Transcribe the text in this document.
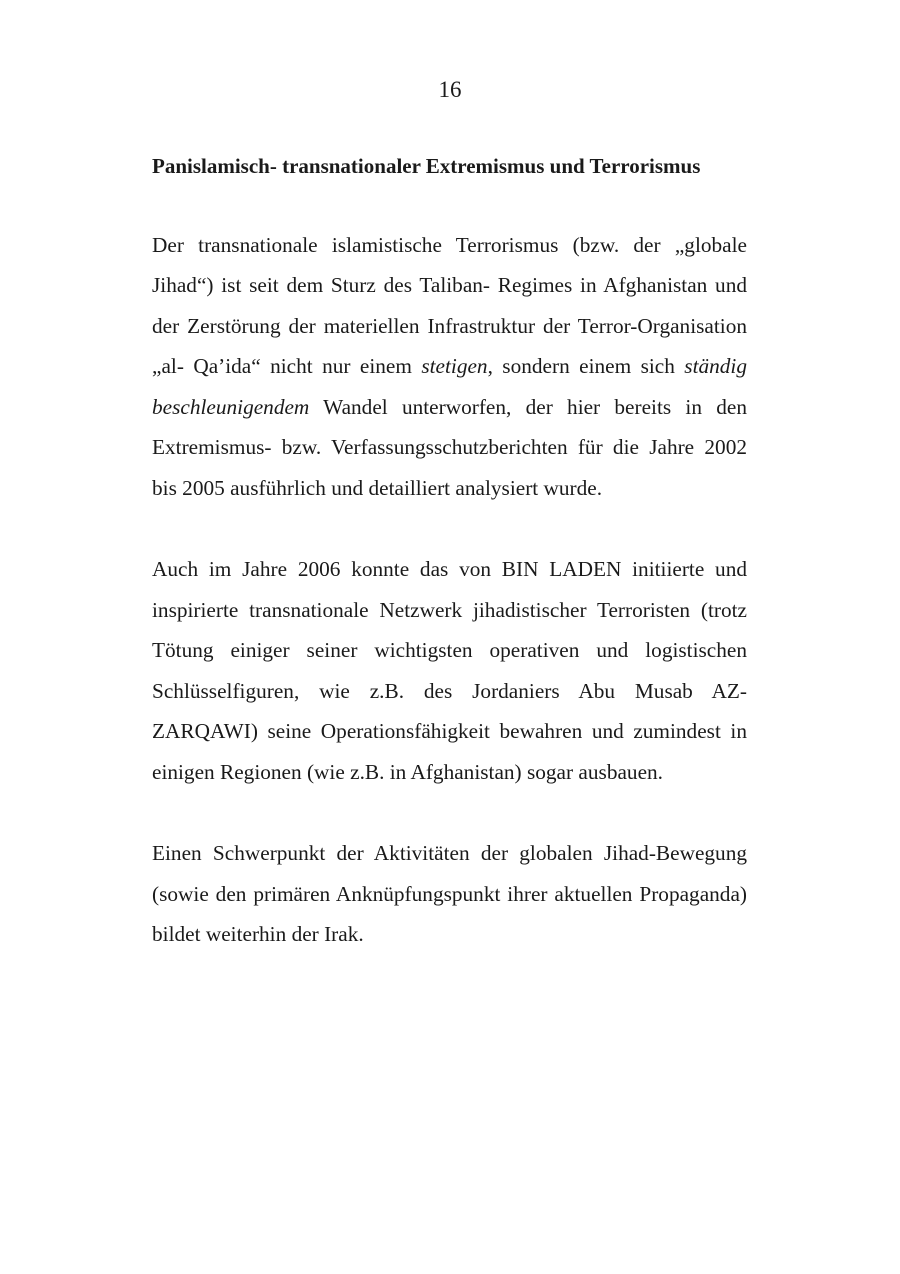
16
Panislamisch- transnationaler Extremismus und Terrorismus

Der transnationale islamistische Terrorismus (bzw. der „globale Jihad“) ist seit dem Sturz des Taliban- Regimes in Afghanistan und der Zerstörung der materiellen Infrastruktur der Terror-Organisation „al- Qa’ida“ nicht nur einem stetigen, sondern einem sich ständig beschleunigendem Wandel unterworfen, der hier bereits in den Extremismus- bzw. Verfassungsschutzberichten für die Jahre 2002 bis 2005 ausführlich und detailliert analysiert wurde.

Auch im Jahre 2006 konnte das von BIN LADEN initiierte und inspirierte transnationale Netzwerk jihadistischer Terroristen (trotz Tötung einiger seiner wichtigsten operativen und logistischen Schlüsselfiguren, wie z.B. des Jordaniers Abu Musab AZ-ZARQAWI) seine Operationsfähigkeit bewahren und zumindest in einigen Regionen (wie z.B. in Afghanistan) sogar ausbauen.

Einen Schwerpunkt der Aktivitäten der globalen Jihad-Bewegung (sowie den primären Anknüpfungspunkt ihrer aktuellen Propaganda) bildet weiterhin der Irak.
